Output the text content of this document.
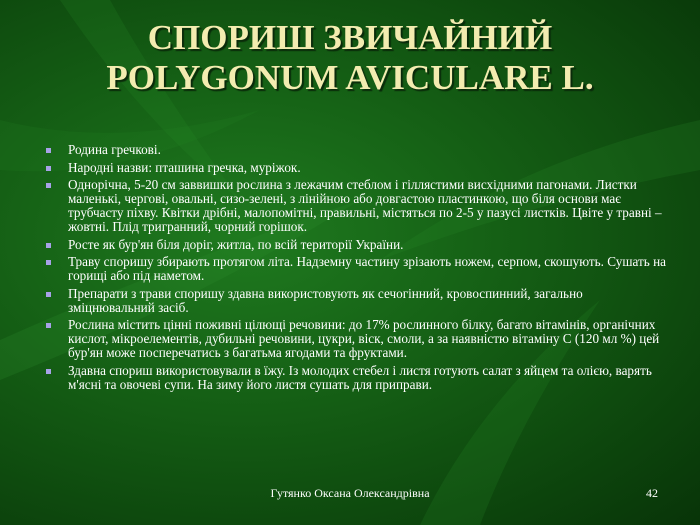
СПОРИШ ЗВИЧАЙНИЙ
POLYGONUM AVICULARE L.
Родина гречкові.
Народні назви: пташина гречка, муріжок.
Однорічна, 5-20 см заввишки рослина з лежачим стеблом і гіллястими висхідними пагонами. Листки маленькі, чергові, овальні, сизо-зелені, з лінійною або довгастою пластинкою, що біля основи має трубчасту піхву. Квітки дрібні, малопомітні, правильні, містяться по 2-5 у пазусі листків. Цвіте у травні – жовтні. Плід тригранний, чорний горішок.
Росте як бур'ян біля доріг, житла, по всій території України.
Траву споришу збирають протягом літа. Надземну частину зрізають ножем, серпом, скошують. Сушать на горищі або під наметом.
Препарати з трави споришу здавна використовують як сечогінний, кровоспинний, загально зміцнювальний засіб.
Рослина містить цінні поживні цілющі речовини: до 17% рослинного білку, багато вітамінів, органічних кислот, мікроелементів, дубильні речовини, цукри, віск, смоли, а за наявністю вітаміну С (120 мл %) цей бур'ян може посперечатись з багатьма ягодами та фруктами.
Здавна спориш використовували в їжу. Із молодих стебел і листя готують салат з яйцем та олією, варять м'ясні та овочеві супи. На зиму його листя сушать для приправи.
Гутянко Оксана Олександрівна	42
